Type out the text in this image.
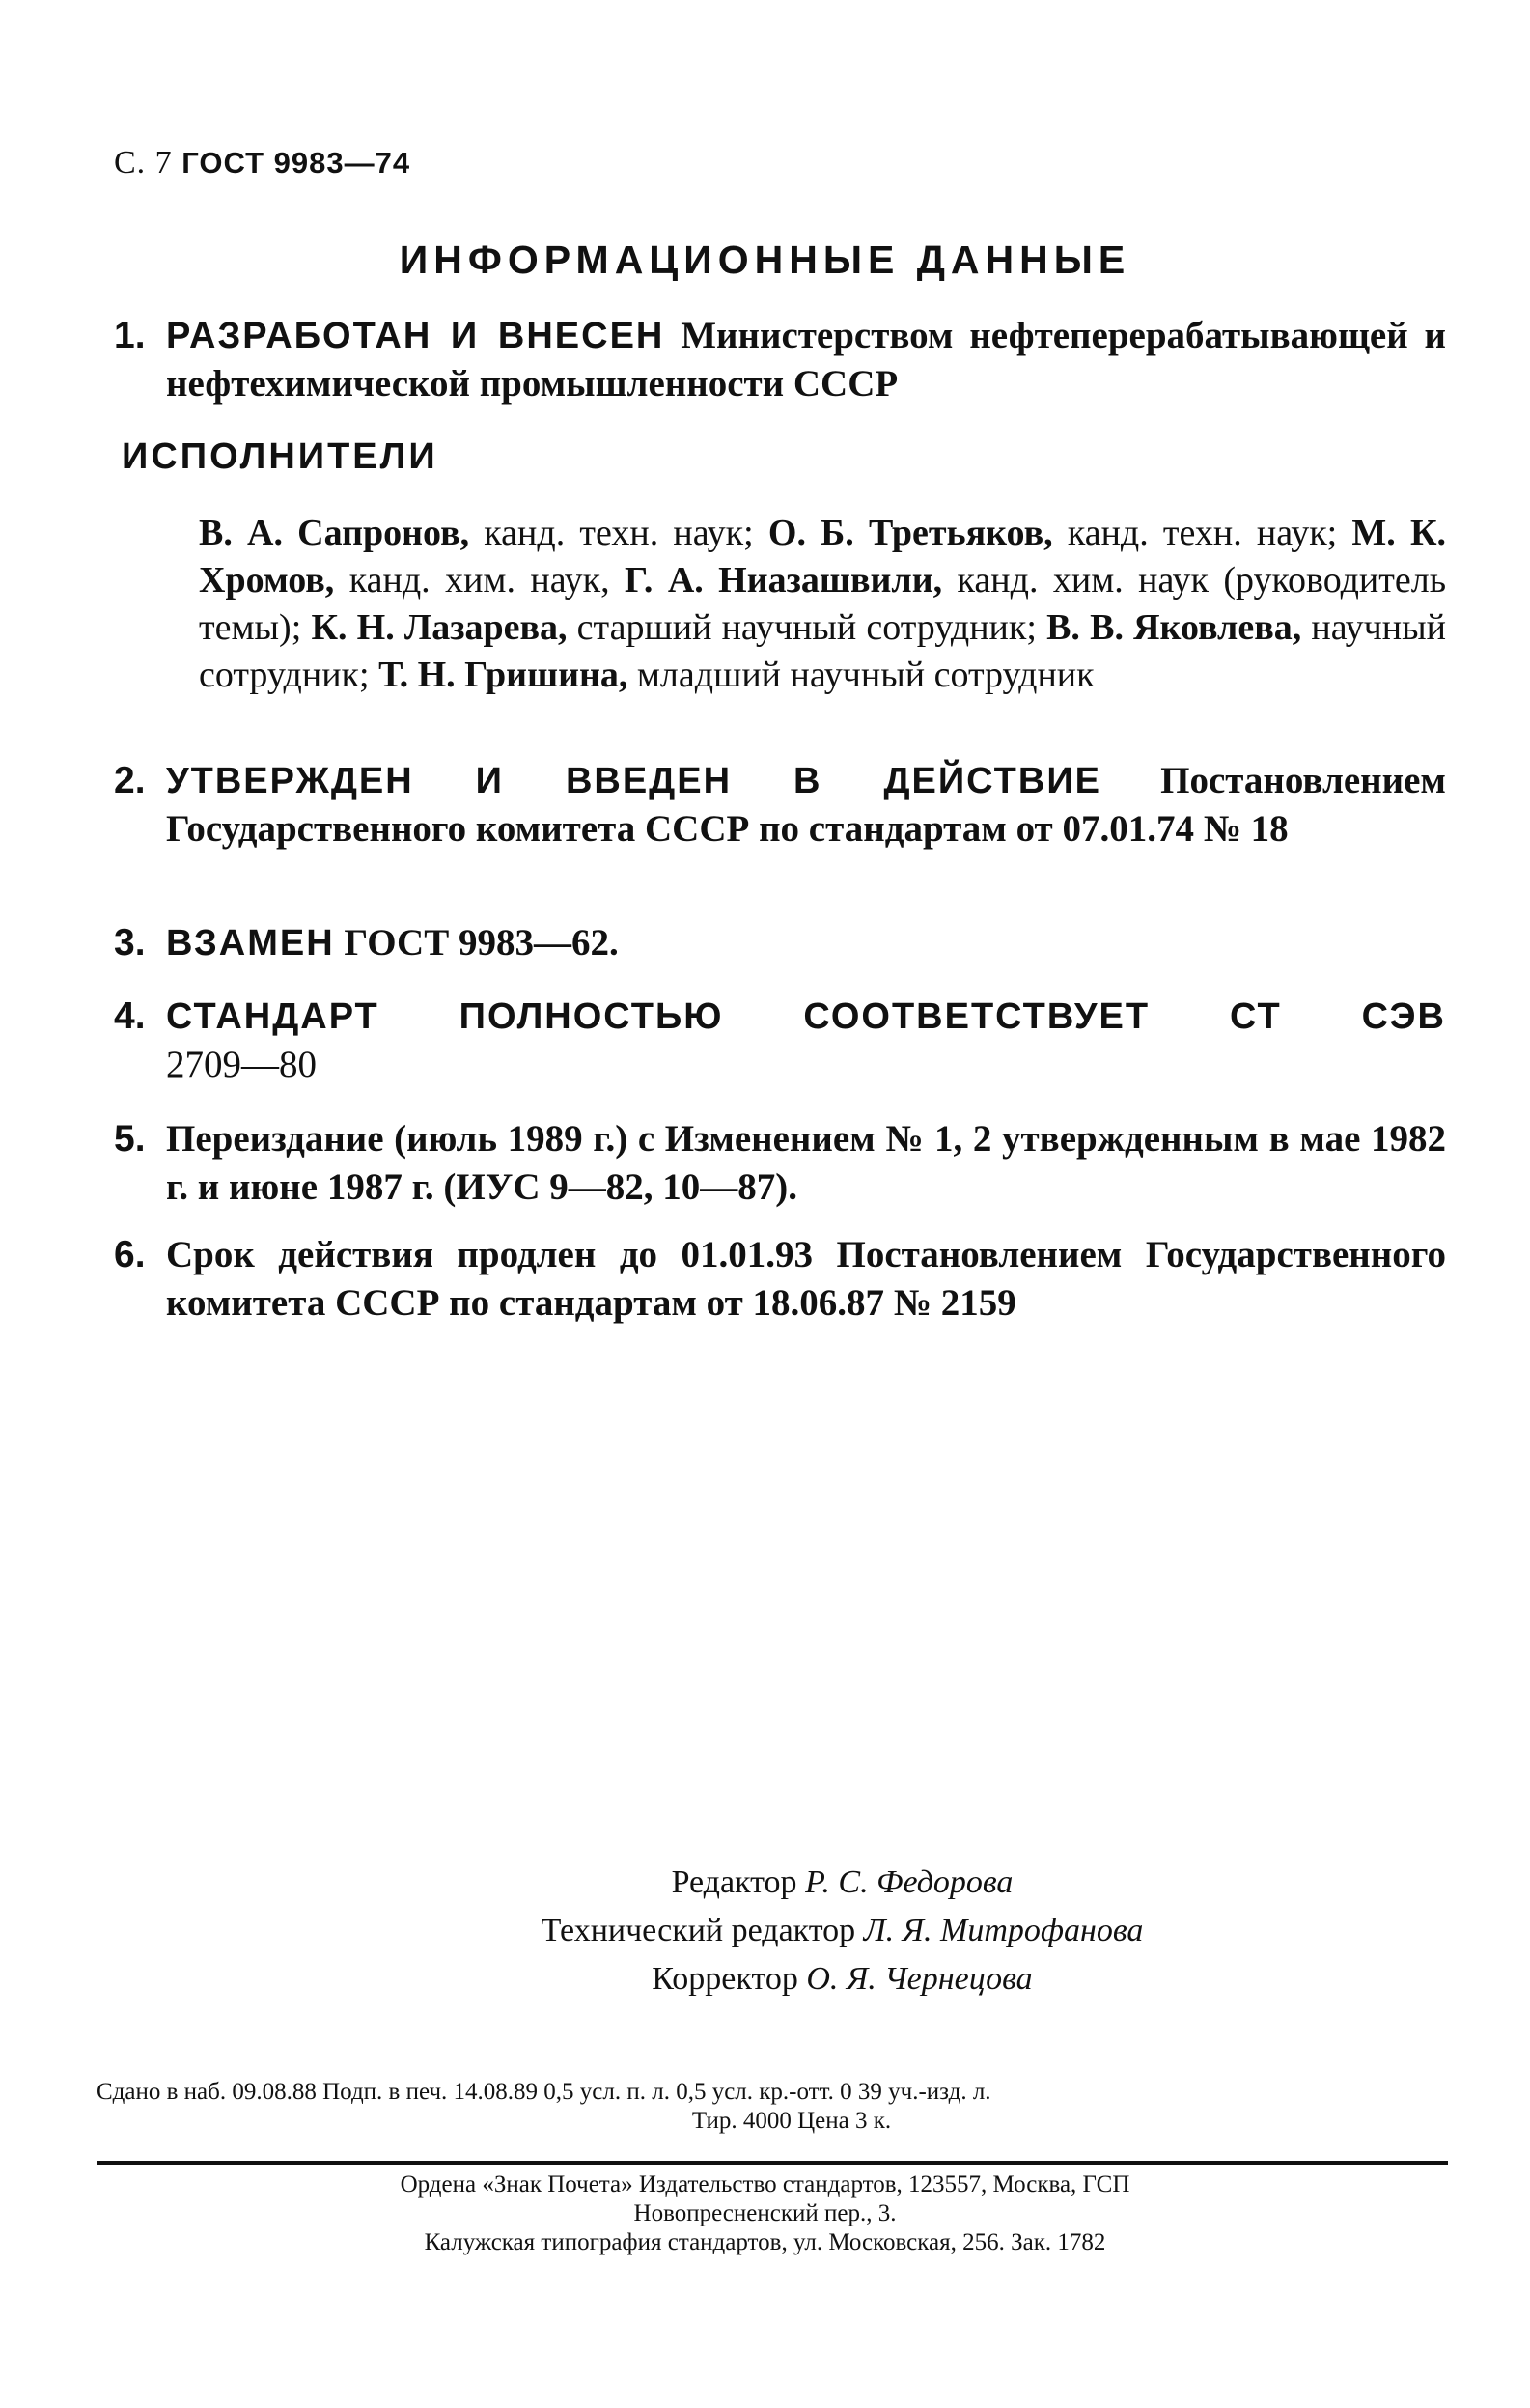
С. 7 ГОСТ 9983—74
ИНФОРМАЦИОННЫЕ ДАННЫЕ
1. РАЗРАБОТАН И ВНЕСЕН Министерством нефтеперерабатывающей и нефтехимической промышленности СССР
ИСПОЛНИТЕЛИ
В. А. Сапронов, канд. техн. наук; О. Б. Третьяков, канд. техн. наук; М. К. Хромов, канд. хим. наук, Г. А. Ниазашвили, канд. хим. наук (руководитель темы); К. Н. Лазарева, старший научный сотрудник; В. В. Яковлева, научный сотрудник; Т. Н. Гришина, младший научный сотрудник
2. УТВЕРЖДЕН И ВВЕДЕН В ДЕЙСТВИЕ Постановлением Государственного комитета СССР по стандартам от 07.01.74 № 18
3. ВЗАМЕН ГОСТ 9983—62.
4. СТАНДАРТ ПОЛНОСТЬЮ СООТВЕТСТВУЕТ СТ СЭВ
2709—80
5. Переиздание (июль 1989 г.) с Изменением № 1, 2 утвержденным в мае 1982 г. и июне 1987 г. (ИУС 9—82, 10—87).
6. Срок действия продлен до 01.01.93 Постановлением Государственного комитета СССР по стандартам от 18.06.87 № 2159
Редактор Р. С. Федорова
Технический редактор Л. Я. Митрофанова
Корректор О. Я. Чернецова
Сдано в наб. 09.08.88 Подп. в печ. 14.08.89 0,5 усл. п. л. 0,5 усл. кр.-отт. 0 39 уч.-изд. л.
Тир. 4000 Цена 3 к.
Ордена «Знак Почета» Издательство стандартов, 123557, Москва, ГСП
Новопресненский пер., 3.
Калужская типография стандартов, ул. Московская, 256. Зак. 1782
